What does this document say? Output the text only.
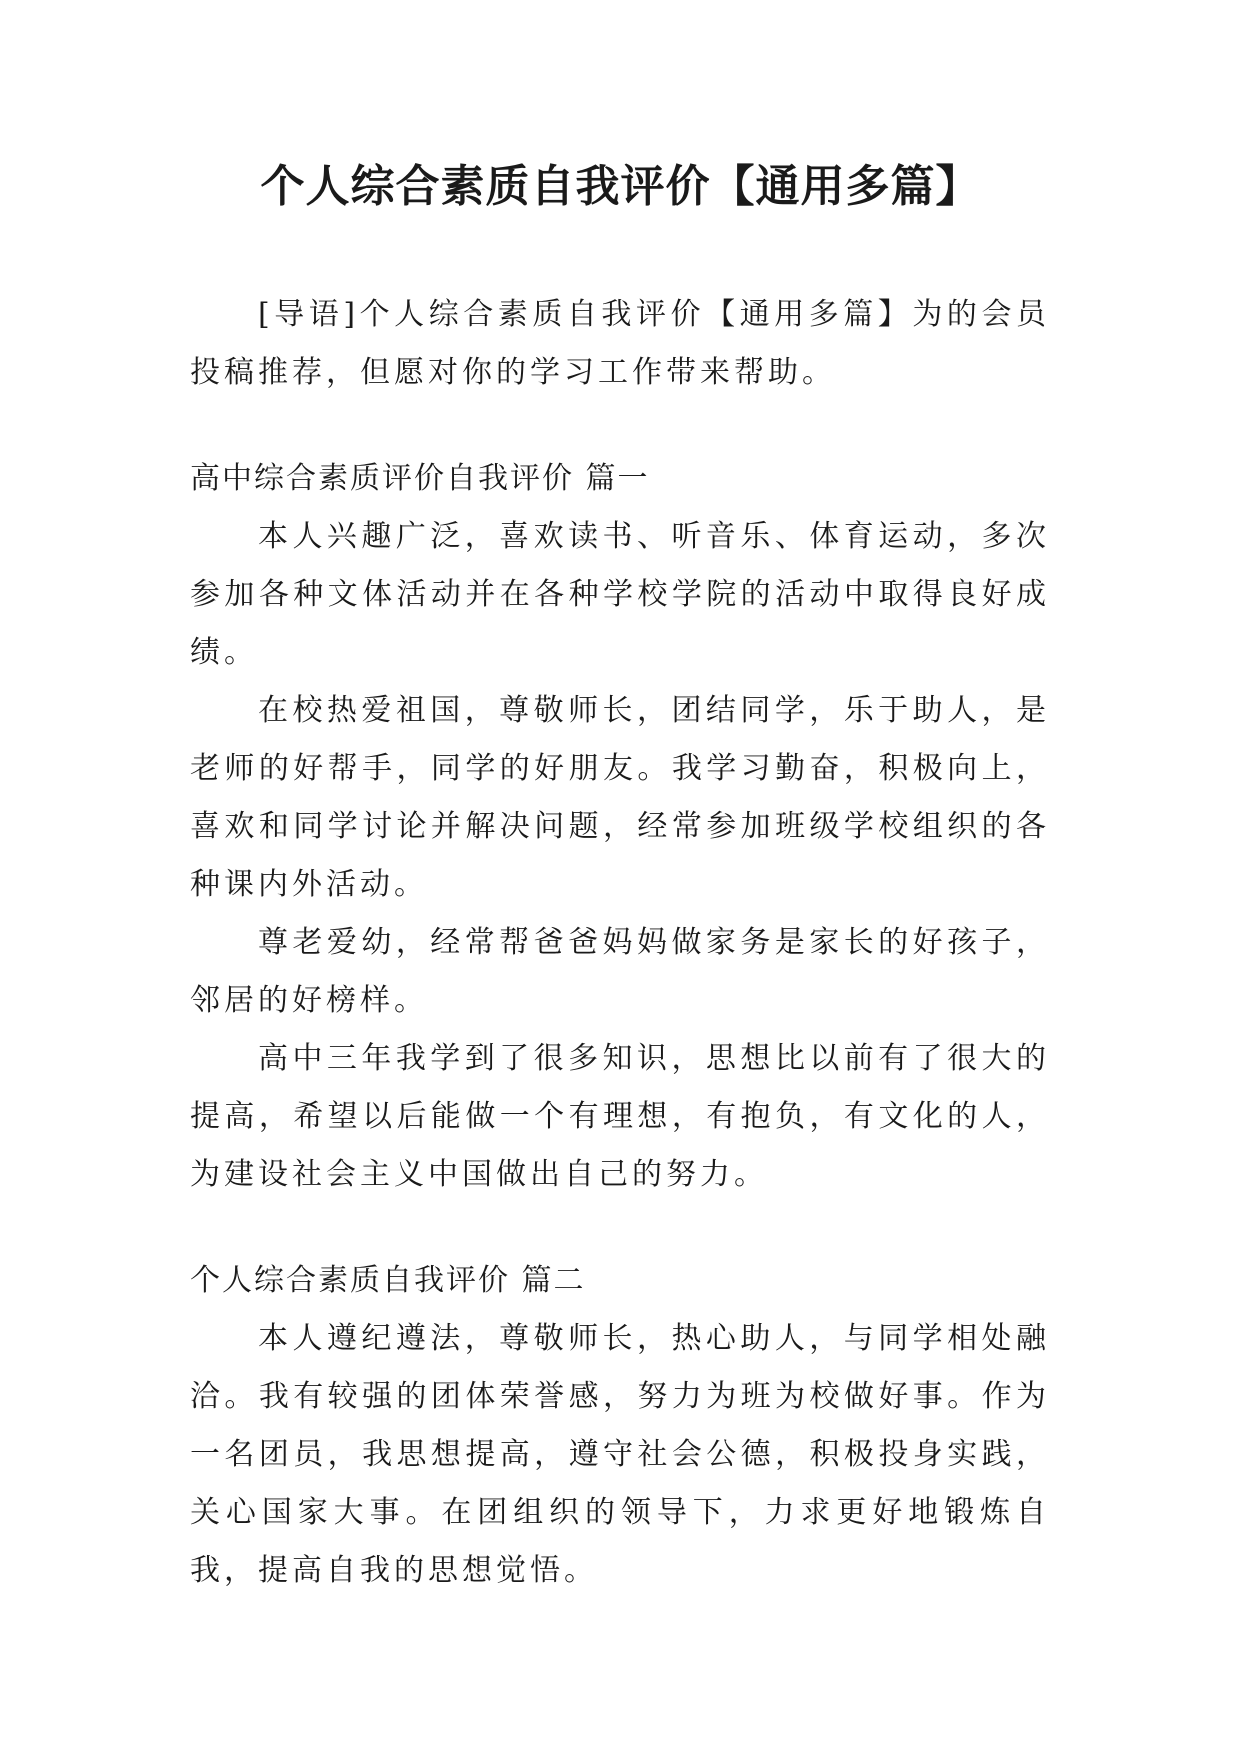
个人综合素质自我评价【通用多篇】

[导语]个人综合素质自我评价【通用多篇】为的会员投稿推荐，但愿对你的学习工作带来帮助。

高中综合素质评价自我评价 篇一

本人兴趣广泛，喜欢读书、听音乐、体育运动，多次参加各种文体活动并在各种学校学院的活动中取得良好成绩。

在校热爱祖国，尊敬师长，团结同学，乐于助人，是老师的好帮手，同学的好朋友。我学习勤奋，积极向上，喜欢和同学讨论并解决问题，经常参加班级学校组织的各种课内外活动。

尊老爱幼，经常帮爸爸妈妈做家务是家长的好孩子，邻居的好榜样。

高中三年我学到了很多知识，思想比以前有了很大的提高，希望以后能做一个有理想，有抱负，有文化的人，为建设社会主义中国做出自己的努力。

个人综合素质自我评价 篇二

本人遵纪遵法，尊敬师长，热心助人，与同学相处融洽。我有较强的团体荣誉感，努力为班为校做好事。作为一名团员，我思想提高，遵守社会公德，积极投身实践，关心国家大事。在团组织的领导下，力求更好地锻炼自我，提高自我的思想觉悟。
